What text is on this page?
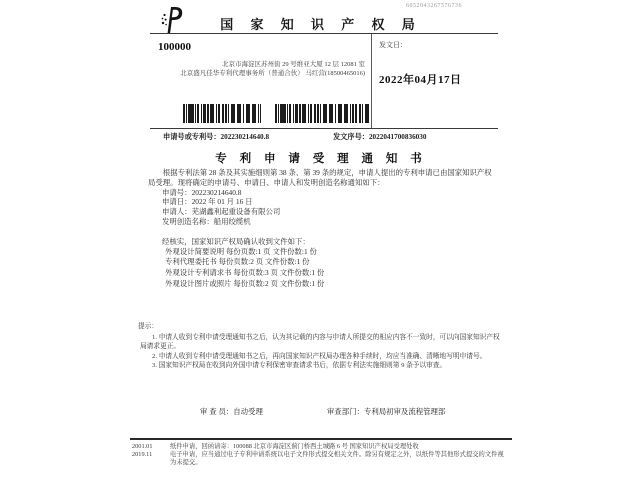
6052043267576736
国 家 知 识 产 权 局
100000
北京市海淀区苏州街 29 号维亚大厦 12 层 12081 室
北京盛凡佳华专利代理事务所（普通合伙） 马红营(18500465016)
发文日：
2022年04月17日
申请号或专利号：202230214640.8	发文序号：2022041700836030
专 利 申 请 受 理 通 知 书

根据专利法第 28 条及其实施细则第 38 条、第 39 条的规定，申请人提出的专利申请已由国家知识产权局受理。现将确定的申请号、申请日、申请人和发明创造名称通知如下：

申请号：202230214640.8
申请日：2022 年 01 月 16 日
申请人：芜湖鑫利起重设备有限公司
发明创造名称：船用绞缆机
经核实，国家知识产权局确认收到文件如下：
外观设计简要说明 每份页数:1 页 文件份数:1 份
专利代理委托书 每份页数:2 页 文件份数:1 份
外观设计专利请求书 每份页数:3 页 文件份数:1 份
外观设计图片或照片 每份页数:2 页 文件份数:1 份

提示：

1. 申请人收到专利申请受理通知书之后，认为其记载的内容与申请人所提交的相应内容不一致时，可以向国家知识产权局请求更正。

2. 申请人收到专利申请受理通知书之后，再向国家知识产权局办理各种手续时，均应当准确、清晰地写明申请号。

3. 国家知识产权局在收到向外国申请专利保密审查请求书后，依据专利法实施细则第 9 条予以审查。

审 查 员：自动受理	审查部门：专利局初审及流程管理部
2001.01
2019.11
纸件申请，回函请寄：100088 北京市海淀区蓟门桥西土城路 6 号 国家知识产权局受理处收
电子申请，应当通过电子专利申请系统以电子文件形式提交相关文件。除另有规定之外，以纸件等其他形式提交的文件视为未提交。
